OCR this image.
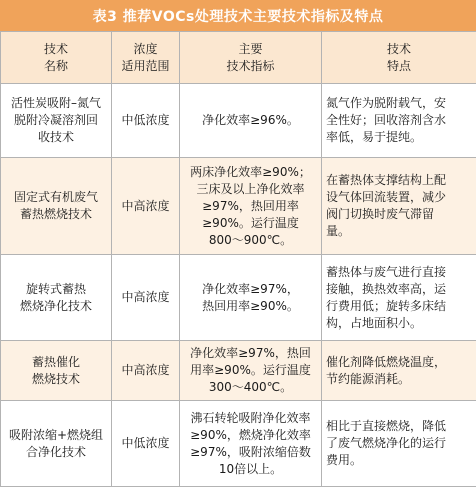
表3 推荐VOCs处理技术主要技术指标及特点
技术
名称	浓度
适用范围	主要
技术指标	技术
特点

活性炭吸附–氮气
脱附冷凝溶剂回
收技术	中低浓度	净化效率≥96%。	氮气作为脱附载气，安
全性好；回收溶剂含水
率低，易于提纯。

固定式有机废气
蓄热燃烧技术	中高浓度	两床净化效率≥90%；
三床及以上净化效率
≥97%，热回用率
≥90%。运行温度
800～900℃。	在蓄热体支撑结构上配
设气体回流装置，减少
阀门切换时废气滞留
量。

旋转式蓄热
燃烧净化技术	中高浓度	净化效率≥97%，
热回用率≥90%。	蓄热体与废气进行直接
接触，换热效率高，运
行费用低；旋转多床结
构，占地面积小。

蓄热催化
燃烧技术	中高浓度	净化效率≥97%，热回
用率≥90%。运行温度
300～400℃。	催化剂降低燃烧温度，
节约能源消耗。

吸附浓缩+燃烧组
合净化技术	中低浓度	沸石转轮吸附净化效率
≥90%，燃烧净化效率
≥97%，吸附浓缩倍数
10倍以上。	相比于直接燃烧，降低
了废气燃烧净化的运行
费用。
